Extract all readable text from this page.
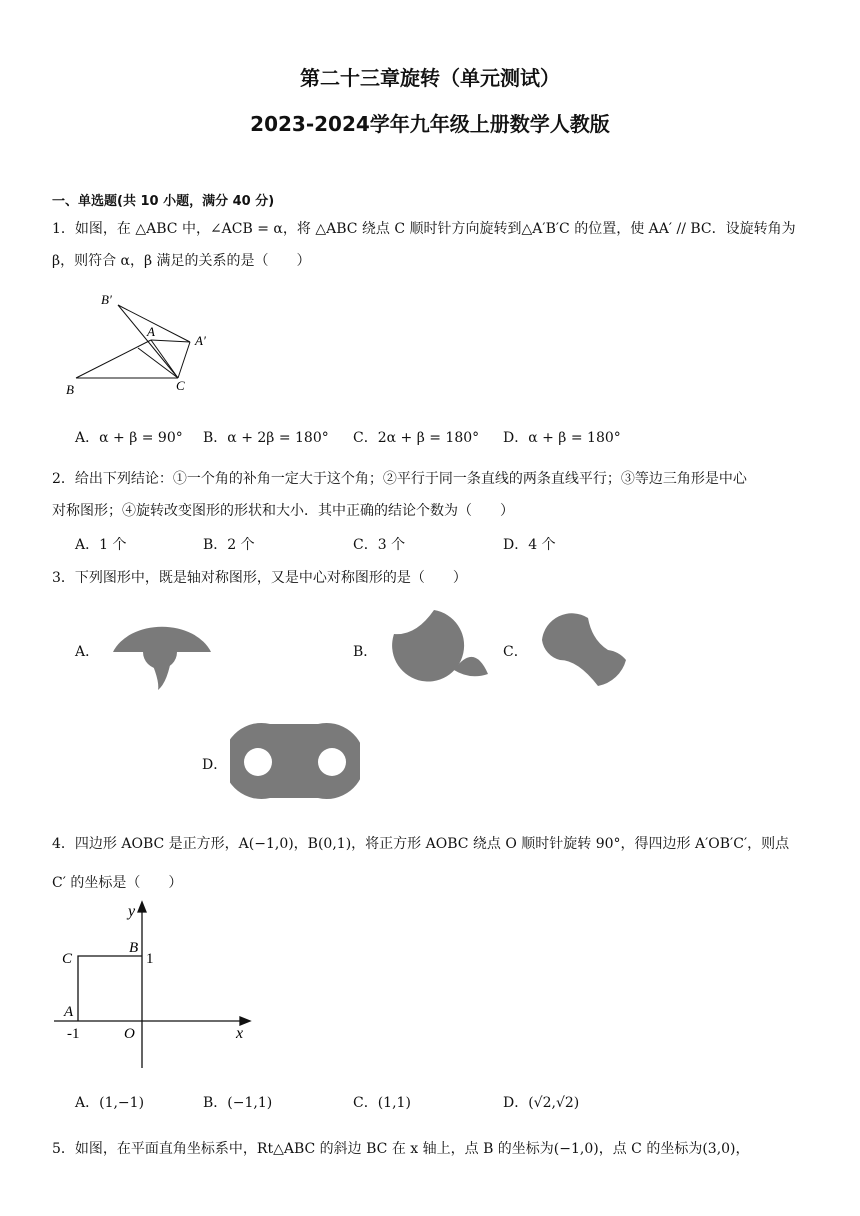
第二十三章旋转（单元测试）
2023-2024学年九年级上册数学人教版
一、单选题(共 10 小题，满分 40 分)
1．如图，在 △ABC 中，∠ACB = α，将 △ABC 绕点 C 顺时针方向旋转到△A′B′C 的位置，使 AA′ // BC．设旋转角为
β，则符合 α，β 满足的关系的是（　　）
B′
A
A′
B	C
A．α + β = 90° B．α + 2β = 180° C．2α + β = 180° D．α + β = 180°
2．给出下列结论：①一个角的补角一定大于这个角；②平行于同一条直线的两条直线平行；③等边三角形是中心
对称图形；④旋转改变图形的形状和大小．其中正确的结论个数为（　　）
A．1 个	B．2 个	C．3 个	D．4 个
3．下列图形中，既是轴对称图形，又是中心对称图形的是（　　）
A．	B．	C．
D．
4．四边形 AOBC 是正方形，A(−1,0)，B(0,1)，将正方形 AOBC 绕点 O 顺时针旋转 90°，得四边形 A′OB′C′，则点
C′ 的坐标是（　　）
y
C
B
1
A
-1	O	x
A．(1,−1)	B．(−1,1)	C．(1,1)	D．(√2,√2)
5．如图，在平面直角坐标系中，Rt△ABC 的斜边 BC 在 x 轴上，点 B 的坐标为(−1,0)，点 C 的坐标为(3,0)，
